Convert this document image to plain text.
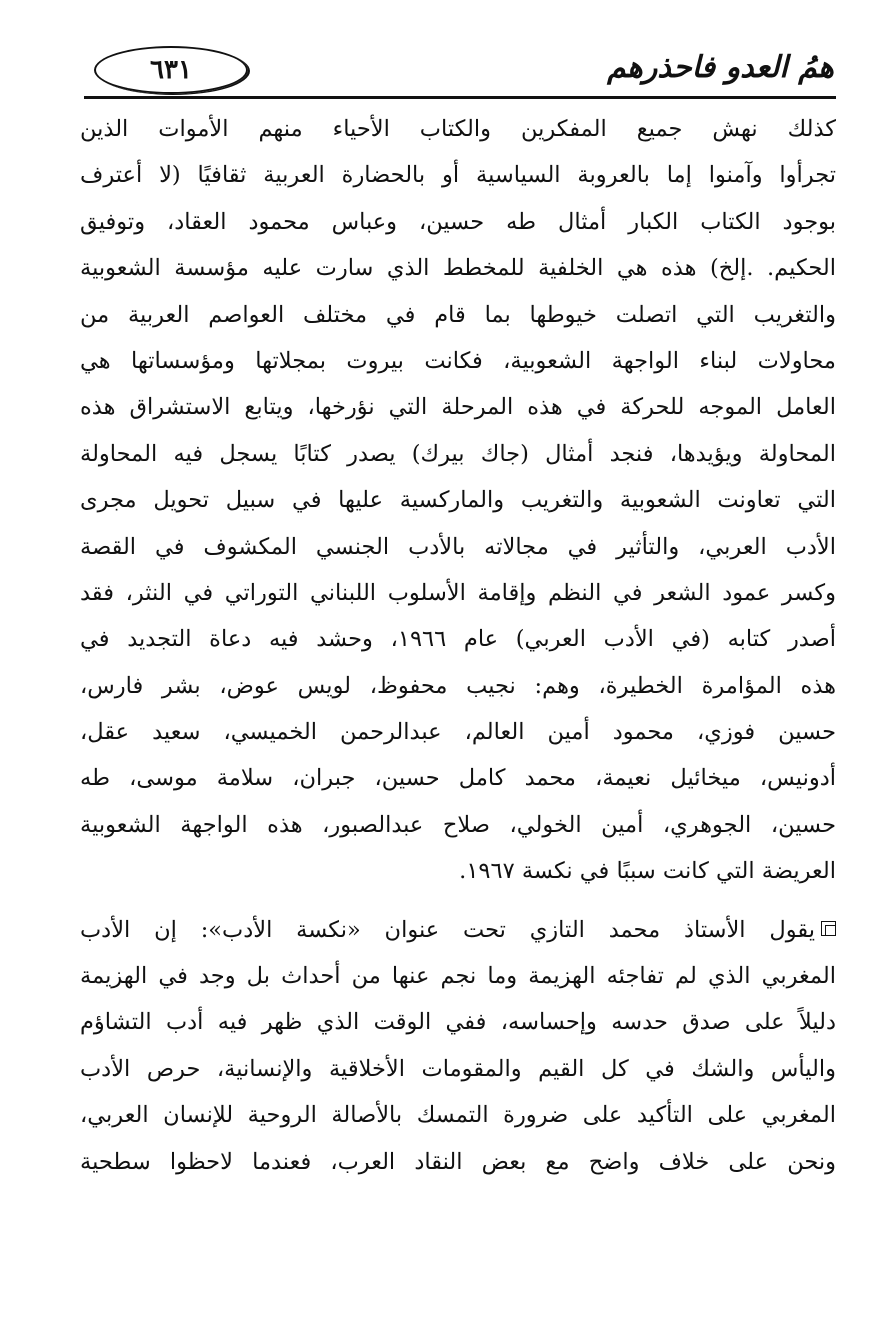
٦٣١	همُ العدو فاحذرهم
كذلك نهش جميع المفكرين والكتاب الأحياء منهم الأموات الذين
تجرأوا وآمنوا إما بالعروبة السياسية أو بالحضارة العربية ثقافيًا (لا أعترف
بوجود الكتاب الكبار أمثال طه حسين، وعباس محمود العقاد، وتوفيق
الحكيم. .إلخ) هذه هي الخلفية للمخطط الذي سارت عليه مؤسسة الشعوبية
والتغريب التي اتصلت خيوطها بما قام في مختلف العواصم العربية من
محاولات لبناء الواجهة الشعوبية، فكانت بيروت بمجلاتها ومؤسساتها هي
العامل الموجه للحركة في هذه المرحلة التي نؤرخها، ويتابع الاستشراق هذه
المحاولة ويؤيدها، فنجد أمثال (جاك بيرك) يصدر كتابًا يسجل فيه المحاولة
التي تعاونت الشعوبية والتغريب والماركسية عليها في سبيل تحويل مجرى
الأدب العربي، والتأثير في مجالاته بالأدب الجنسي المكشوف في القصة
وكسر عمود الشعر في النظم وإقامة الأسلوب اللبناني التوراتي في النثر، فقد
أصدر كتابه (في الأدب العربي) عام ١٩٦٦، وحشد فيه دعاة التجديد في
هذه المؤامرة الخطيرة، وهم: نجيب محفوظ، لويس عوض، بشر فارس،
حسين فوزي، محمود أمين العالم، عبدالرحمن الخميسي، سعيد عقل،
أدونيس، ميخائيل نعيمة، محمد كامل حسين، جبران، سلامة موسى، طه
حسين، الجوهري، أمين الخولي، صلاح عبدالصبور، هذه الواجهة الشعوبية
العريضة التي كانت سببًا في نكسة ١٩٦٧.
يقول الأستاذ محمد التازي تحت عنوان «نكسة الأدب»: إن الأدب
المغربي الذي لم تفاجئه الهزيمة وما نجم عنها من أحداث بل وجد في الهزيمة
دليلاً على صدق حدسه وإحساسه، ففي الوقت الذي ظهر فيه أدب التشاؤم
واليأس والشك في كل القيم والمقومات الأخلاقية والإنسانية، حرص الأدب
المغربي على التأكيد على ضرورة التمسك بالأصالة الروحية للإنسان العربي،
ونحن على خلاف واضح مع بعض النقاد العرب، فعندما لاحظوا سطحية
